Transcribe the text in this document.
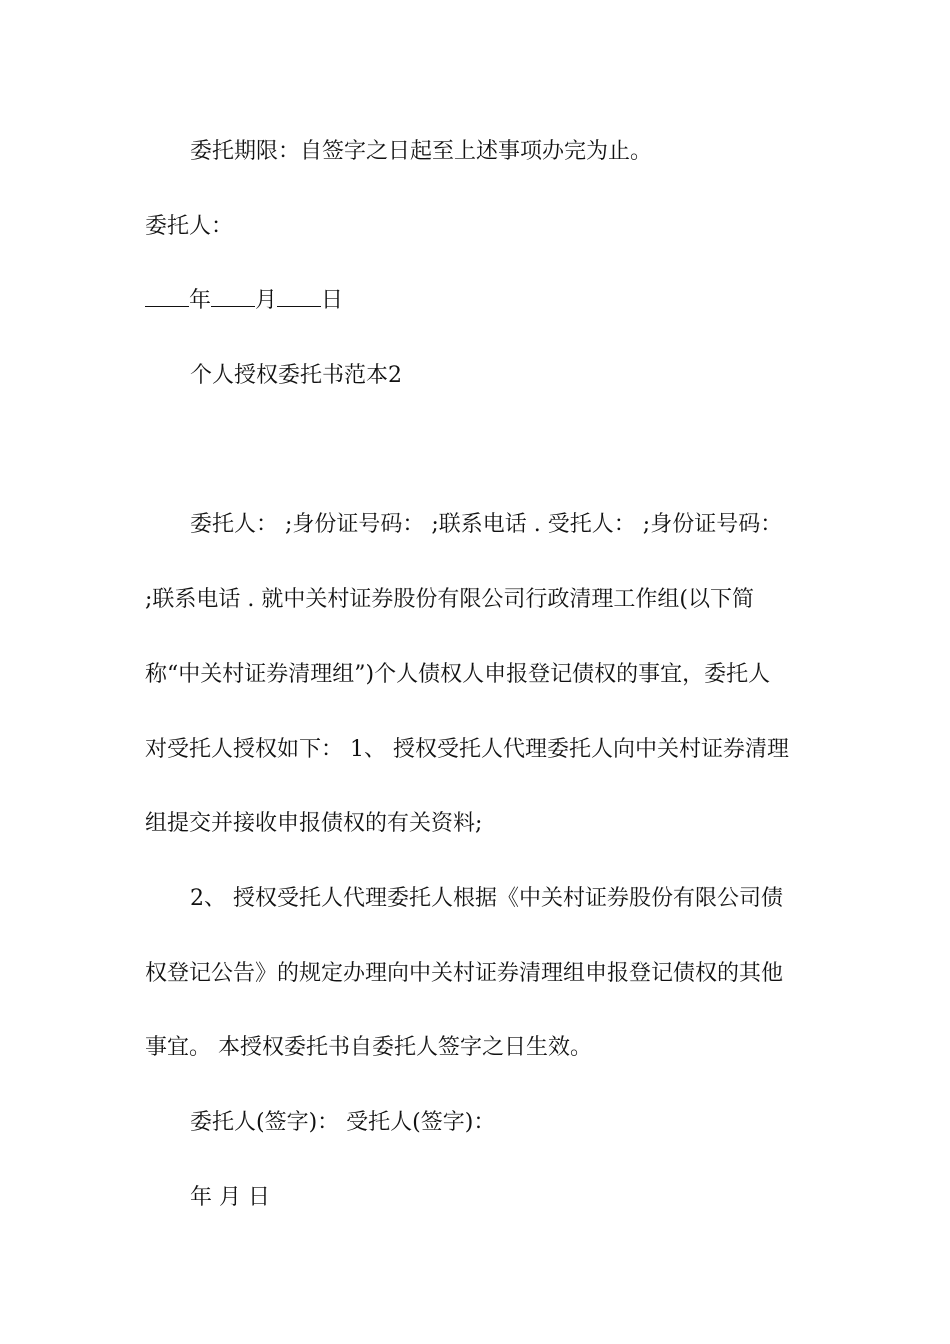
委托期限：自签字之日起至上述事项办完为止。
委托人：
年 月 日
个人授权委托书范本2
委托人： ;身份证号码： ;联系电话 . 受托人： ;身份证号码：
;联系电话 . 就中关村证券股份有限公司行政清理工作组(以下简
称“中关村证券清理组”)个人债权人申报登记债权的事宜，委托人
对受托人授权如下： 1、 授权受托人代理委托人向中关村证券清理
组提交并接收申报债权的有关资料;
2、 授权受托人代理委托人根据《中关村证券股份有限公司债
权登记公告》的规定办理向中关村证券清理组申报登记债权的其他
事宜。 本授权委托书自委托人签字之日生效。
委托人(签字)： 受托人(签字)：
年 月 日
